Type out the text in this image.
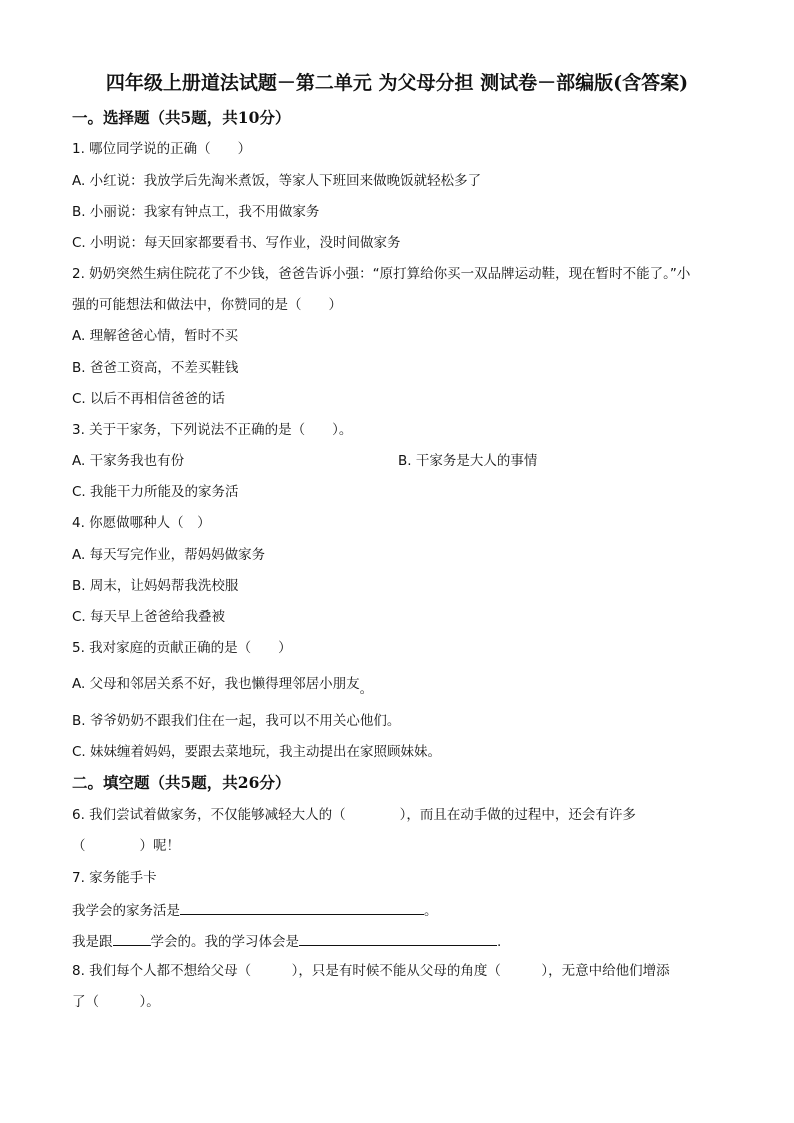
四年级上册道法试题－第二单元 为父母分担 测试卷－部编版(含答案)
一。选择题（共5题，共10分）
1. 哪位同学说的正确（　　）
A. 小红说：我放学后先淘米煮饭，等家人下班回来做晚饭就轻松多了
B. 小丽说：我家有钟点工，我不用做家务
C. 小明说：每天回家都要看书、写作业，没时间做家务
2. 奶奶突然生病住院花了不少钱，爸爸告诉小强：“原打算给你买一双品牌运动鞋，现在暂时不能了。”小
强的可能想法和做法中，你赞同的是（　　）
A. 理解爸爸心情，暂时不买
B. 爸爸工资高，不差买鞋钱
C. 以后不再相信爸爸的话
3. 关于干家务，下列说法不正确的是（　　）。
A. 干家务我也有份	B. 干家务是大人的事情
C. 我能干力所能及的家务活
4. 你愿做哪种人（　）
A. 每天写完作业，帮妈妈做家务
B. 周末，让妈妈帮我洗校服
C. 每天早上爸爸给我叠被
5. 我对家庭的贡献正确的是（　　）
A. 父母和邻居关系不好，我也懒得理邻居小朋友。
B. 爷爷奶奶不跟我们住在一起，我可以不用关心他们。
C. 妹妹缠着妈妈，要跟去菜地玩，我主动提出在家照顾妹妹。
二。填空题（共5题，共26分）
6. 我们尝试着做家务，不仅能够减轻大人的（　　　　），而且在动手做的过程中，还会有许多
（　　　　）呢！
7. 家务能手卡
我学会的家务活是	。
我是跟	学会的。我的学习体会是	.
8. 我们每个人都不想给父母（　　　），只是有时候不能从父母的角度（　　　），无意中给他们增添
了（　　　）。
